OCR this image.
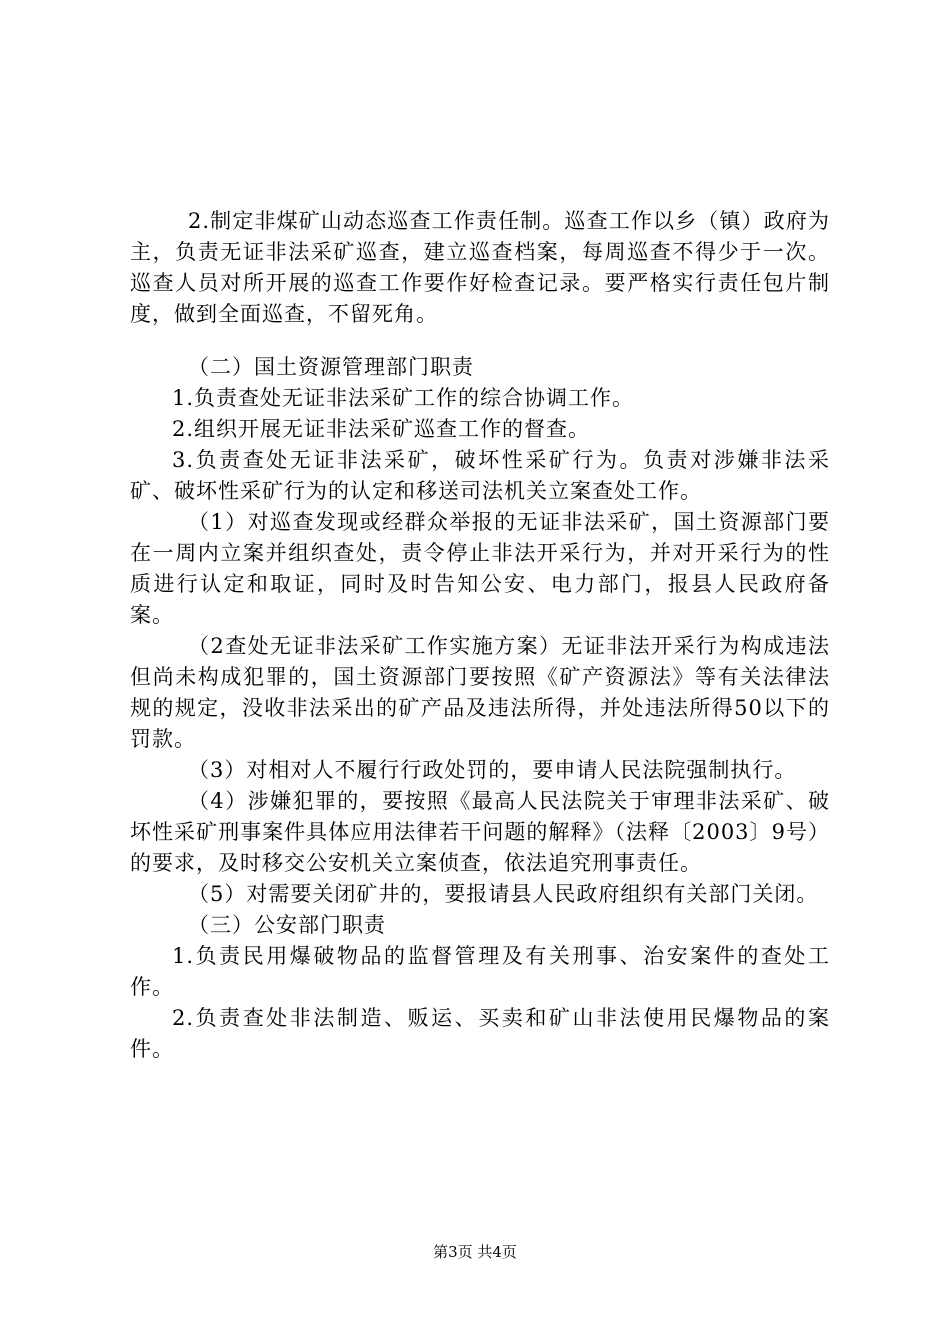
2.制定非煤矿山动态巡查工作责任制。巡查工作以乡（镇）政府为主，负责无证非法采矿巡查，建立巡查档案，每周巡查不得少于一次。巡查人员对所开展的巡查工作要作好检查记录。要严格实行责任包片制度，做到全面巡查，不留死角。

（二）国土资源管理部门职责

1.负责查处无证非法采矿工作的综合协调工作。

2.组织开展无证非法采矿巡查工作的督查。

3.负责查处无证非法采矿，破坏性采矿行为。负责对涉嫌非法采矿、破坏性采矿行为的认定和移送司法机关立案查处工作。

（1）对巡查发现或经群众举报的无证非法采矿，国土资源部门要在一周内立案并组织查处，责令停止非法开采行为，并对开采行为的性质进行认定和取证，同时及时告知公安、电力部门，报县人民政府备案。

（2查处无证非法采矿工作实施方案）无证非法开采行为构成违法但尚未构成犯罪的，国土资源部门要按照《矿产资源法》等有关法律法规的规定，没收非法采出的矿产品及违法所得，并处违法所得50以下的罚款。

（3）对相对人不履行行政处罚的，要申请人民法院强制执行。

（4）涉嫌犯罪的，要按照《最高人民法院关于审理非法采矿、破坏性采矿刑事案件具体应用法律若干问题的解释》（法释〔2003〕9号）的要求，及时移交公安机关立案侦查，依法追究刑事责任。

（5）对需要关闭矿井的，要报请县人民政府组织有关部门关闭。

（三）公安部门职责

1.负责民用爆破物品的监督管理及有关刑事、治安案件的查处工作。

2.负责查处非法制造、贩运、买卖和矿山非法使用民爆物品的案件。

第3页 共4页
